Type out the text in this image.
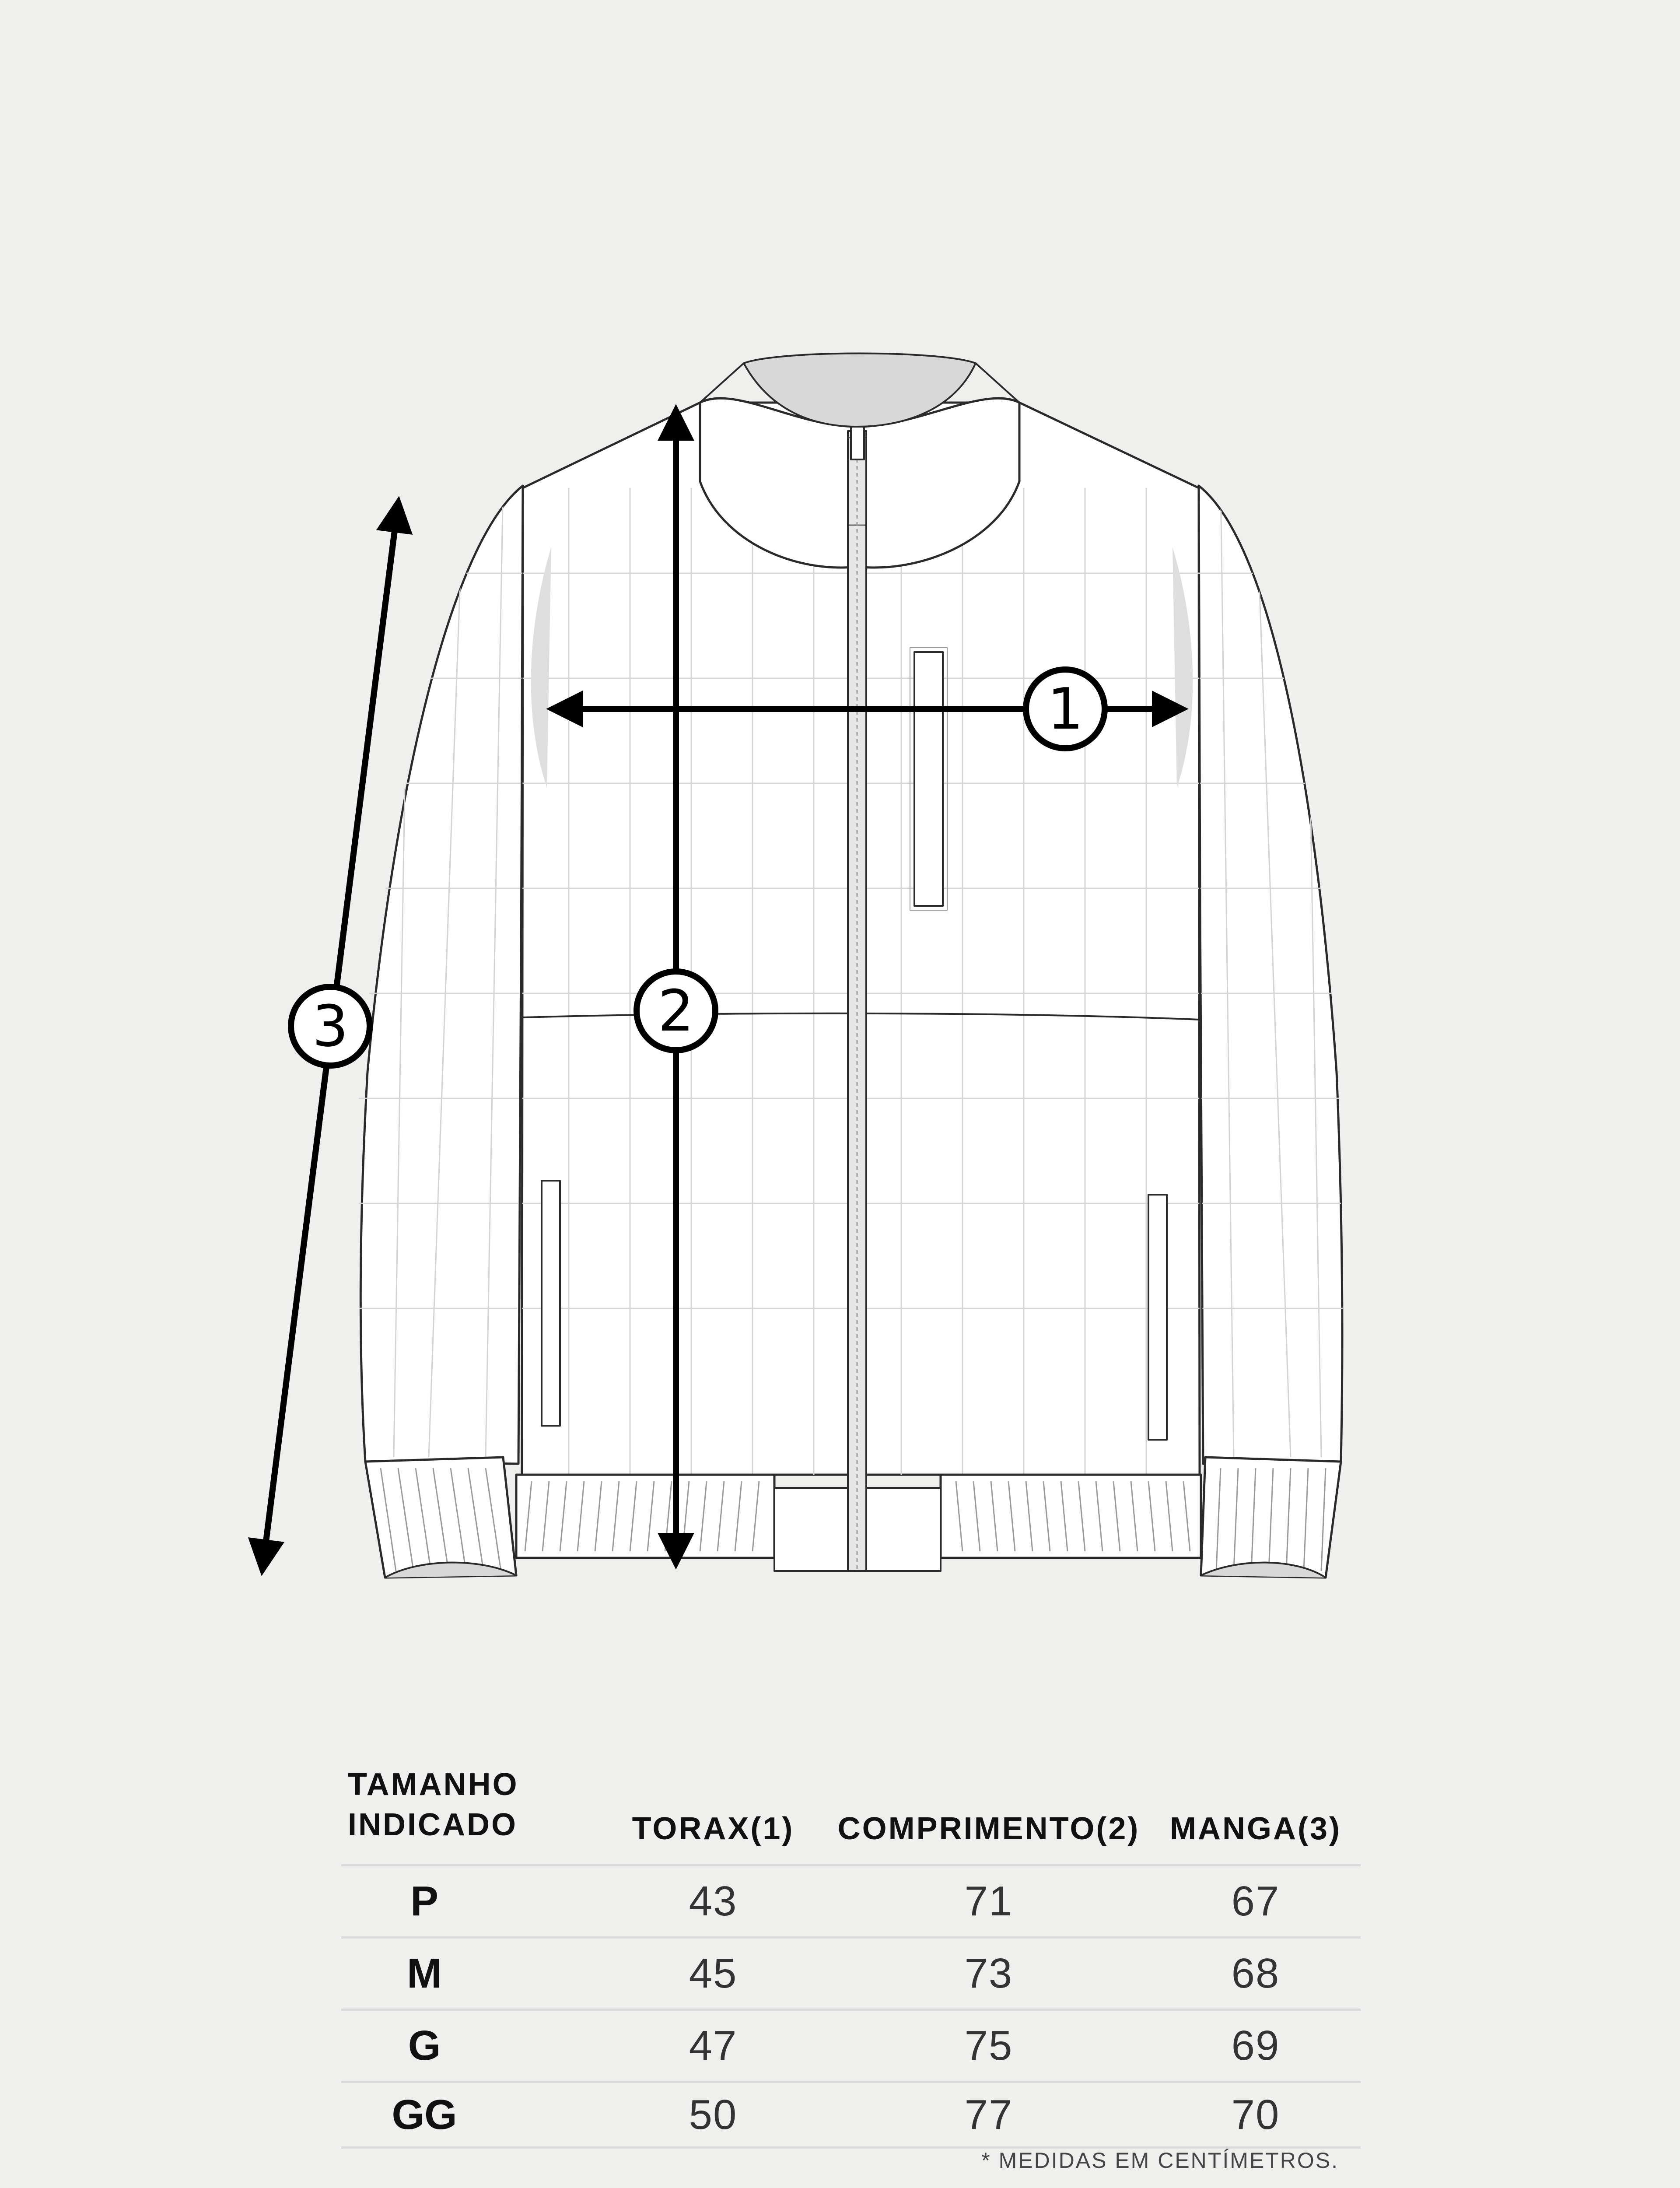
1
2
3
TAMANHO
INDICADO	TORAX(1) COMPRIMENTO(2) MANGA(3)
P	43	71	67
M	45	73	68
G	47	75	69
GG	50	77	70
* MEDIDAS EM CENTÍMETROS.
